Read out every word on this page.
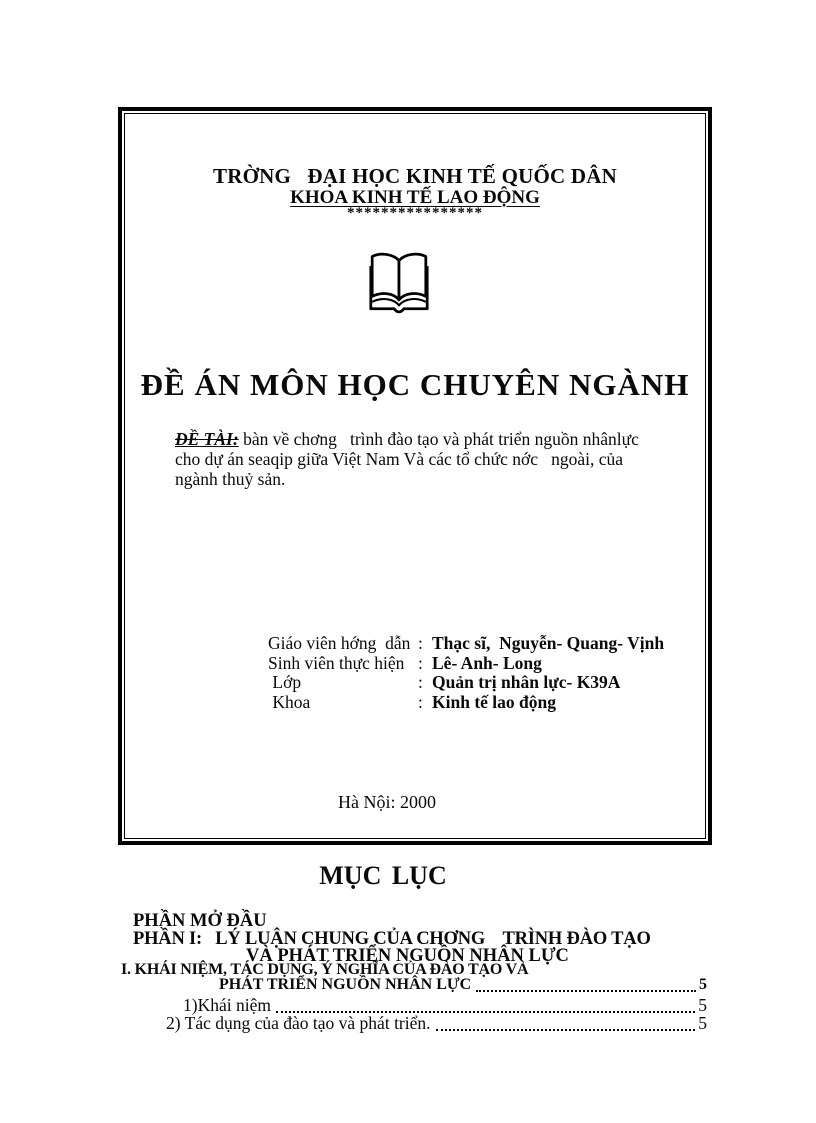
TRỜNG   ĐẠI HỌC KINH TẾ QUỐC DÂN
KHOA KINH TẾ LAO ĐỘNG
****************
ĐỀ ÁN MÔN HỌC CHUYÊN NGÀNH
ĐỀ TÀI: bàn về chơng   trình đào tạo và phát triển nguồn nhânlực
cho dự án seaqip giữa Việt Nam Và các tổ chức nớc   ngoài, của
ngành thuỷ sản.
Giáo viên hớng  dẫn : Thạc sĩ,  Nguyễn- Quang- Vịnh
Sinh viên thực hiện : Lê- Anh- Long
Lớp	: Quản trị nhân lực- K39A
Khoa	: Kinh tế lao động
Hà Nội: 2000
MỤC LỤC
PHẦN MỞ ĐẦU
PHẦN I:   LÝ LUẬN CHUNG CỦA CHƠNG    TRÌNH ĐÀO TẠO
VÀ PHÁT TRIỂN NGUỒN NHÂN LỰC
I. KHÁI NIỆM, TÁC DỤNG, Ý NGHĨA CỦA ĐÀO TẠO VÀ
PHÁT TRIỂN NGUỒN NHÂN LỰC	5
1)Khái niệm	5
2) Tác dụng của đào tạo và phát triển.	5
